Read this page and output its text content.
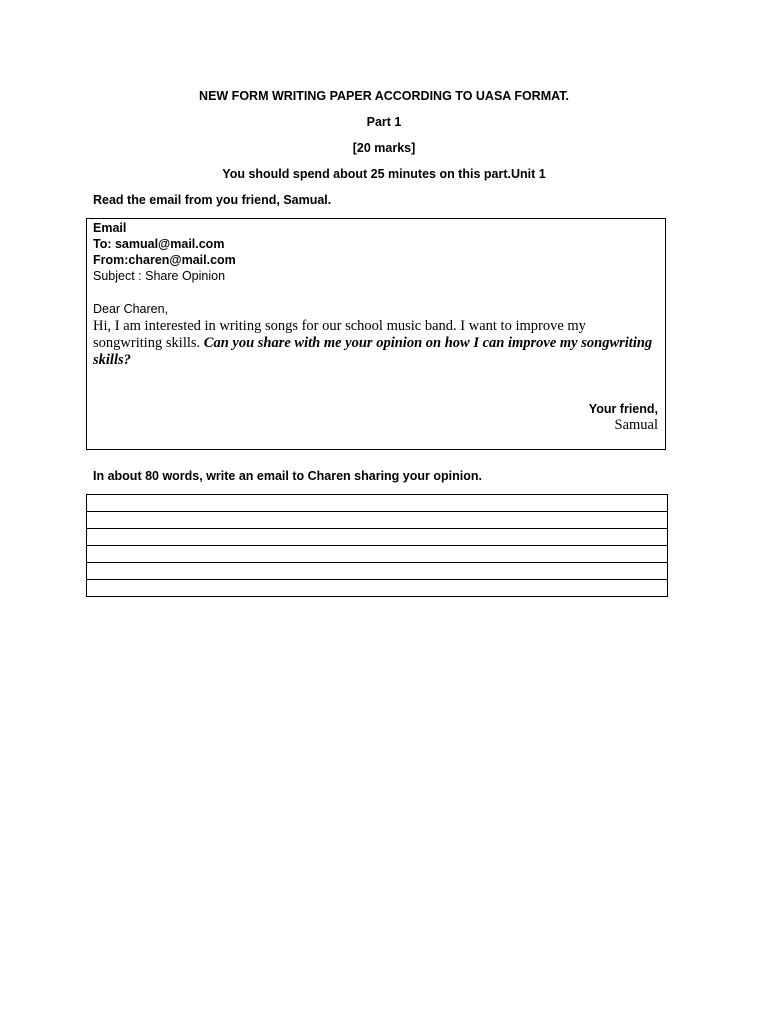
NEW FORM WRITING PAPER ACCORDING TO UASA FORMAT.
Part 1
[20 marks]
You should spend about 25 minutes on this part.Unit 1
Read the email from you friend, Samual.
Email
To: samual@mail.com
From:charen@mail.com
Subject : Share Opinion
Dear Charen,
Hi, I am interested in writing songs for our school music band. I want to improve my songwriting skills. Can you share with me your opinion on how I can improve my songwriting skills?
Your friend,
Samual
In about 80 words, write an email to Charen sharing your opinion.
